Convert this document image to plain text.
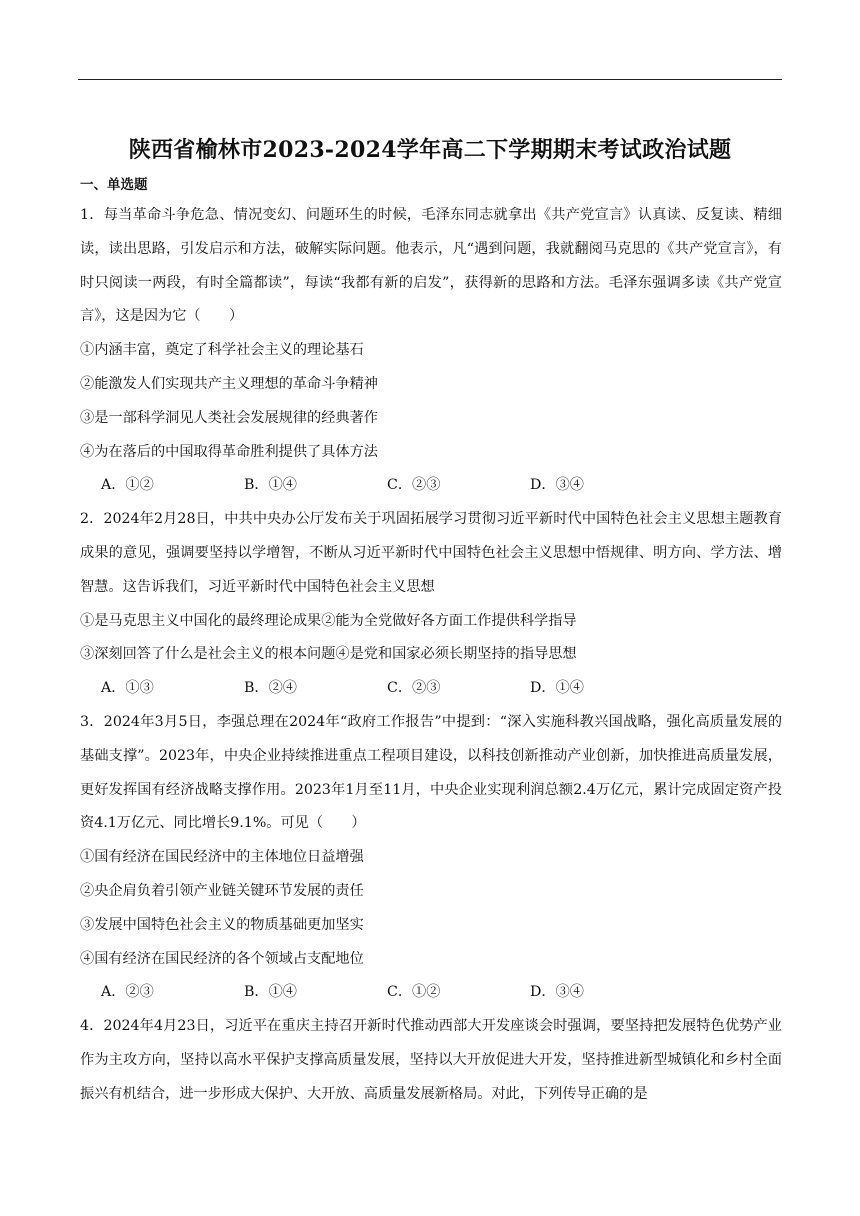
陕西省榆林市2023-2024学年高二下学期期末考试政治试题
一、单选题

1．每当革命斗争危急、情况变幻、问题环生的时候，毛泽东同志就拿出《共产党宣言》认真读、反复读、精细读，读出思路，引发启示和方法，破解实际问题。他表示，凡“遇到问题，我就翻阅马克思的《共产党宣言》，有时只阅读一两段，有时全篇都读”，每读“我都有新的启发”，获得新的思路和方法。毛泽东强调多读《共产党宣言》，这是因为它（　　）

①内涵丰富，奠定了科学社会主义的理论基石

②能激发人们实现共产主义理想的革命斗争精神

③是一部科学洞见人类社会发展规律的经典著作

④为在落后的中国取得革命胜利提供了具体方法

A．①②	B．①④	C．②③	D．③④

2．2024年2月28日，中共中央办公厅发布关于巩固拓展学习贯彻习近平新时代中国特色社会主义思想主题教育成果的意见，强调要坚持以学增智，不断从习近平新时代中国特色社会主义思想中悟规律、明方向、学方法、增智慧。这告诉我们，习近平新时代中国特色社会主义思想

①是马克思主义中国化的最终理论成果②能为全党做好各方面工作提供科学指导

③深刻回答了什么是社会主义的根本问题④是党和国家必须长期坚持的指导思想

A．①③	B．②④	C．②③	D．①④

3．2024年3月5日，李强总理在2024年“政府工作报告”中提到：“深入实施科教兴国战略，强化高质量发展的基础支撑”。2023年，中央企业持续推进重点工程项目建设，以科技创新推动产业创新，加快推进高质量发展，更好发挥国有经济战略支撑作用。2023年1月至11月，中央企业实现利润总额2.4万亿元，累计完成固定资产投资4.1万亿元、同比增长9.1%。可见（　　）

①国有经济在国民经济中的主体地位日益增强

②央企肩负着引领产业链关键环节发展的责任

③发展中国特色社会主义的物质基础更加坚实

④国有经济在国民经济的各个领域占支配地位

A．②③	B．①④	C．①②	D．③④

4．2024年4月23日，习近平在重庆主持召开新时代推动西部大开发座谈会时强调，要坚持把发展特色优势产业作为主攻方向，坚持以高水平保护支撑高质量发展，坚持以大开放促进大开发，坚持推进新型城镇化和乡村全面振兴有机结合，进一步形成大保护、大开放、高质量发展新格局。对此，下列传导正确的是
